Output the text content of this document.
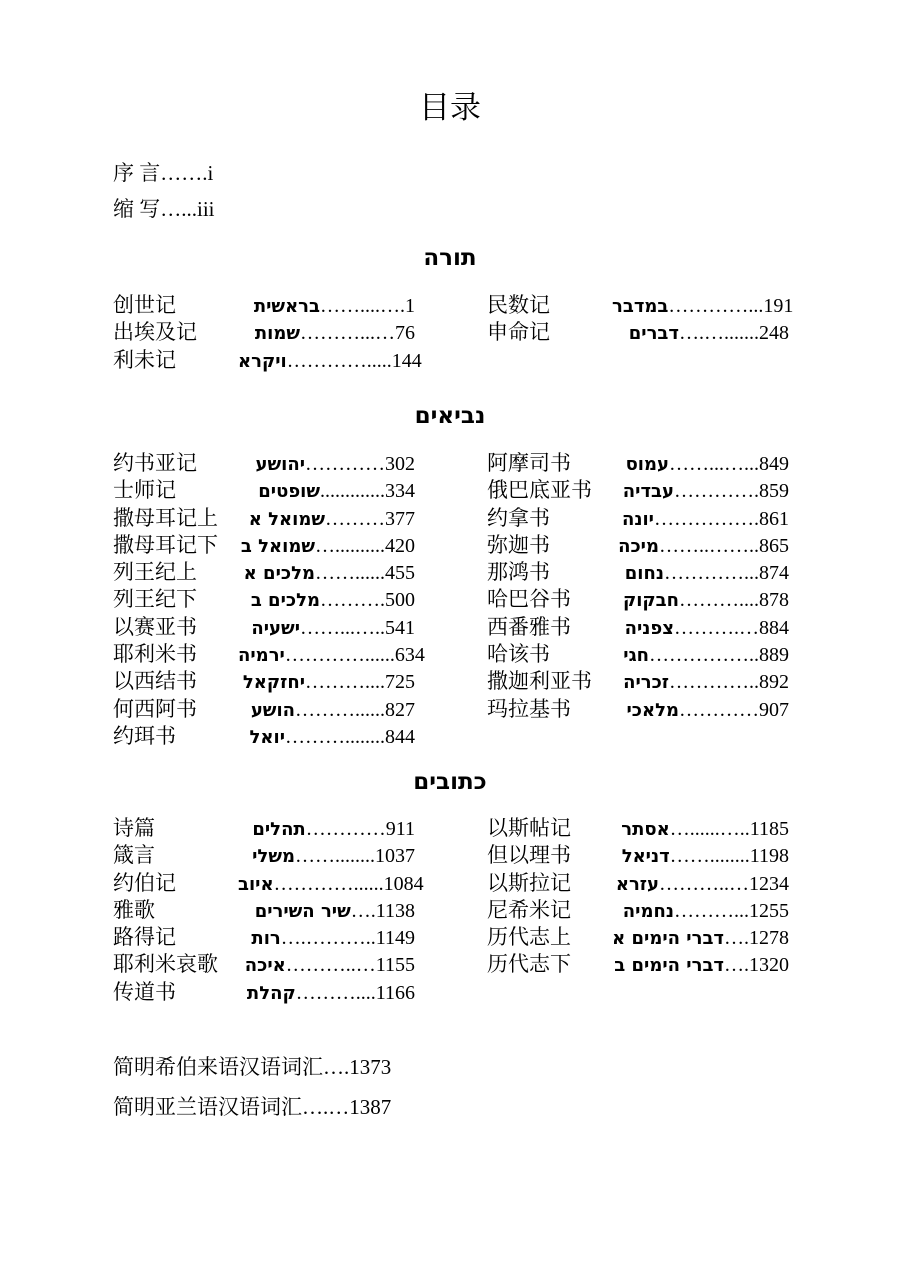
目录
序 言…….i
缩 写…...iii
תורה
创世记	בראשית……....….1
出埃及记	שמות………...…76
利未记	ויקרא………….....144
民数记	במדבר…………...191
申命记	דברים….….......248
נביאים
约书亚记	יהושע…………302
士师记	שופטים.............334
撒母耳记上 שמואל א………377
撒母耳记下 שמואל ב…..........420
列王纪上	מלכים א……......455
列王纪下	מלכים ב……….500
以赛亚书	ישעיה……...…..541
耶利米书 ירמיה…………......634
以西结书	יחזקאל………....725
何西阿书	הושע………......827
约珥书	יואל………........844
阿摩司书	עמוס……...…...849
俄巴底亚书 עבדיה………….859
约拿书	יונה…………….861
弥迦书	מיכה……..……..865
那鸿书	נחום…………...874
哈巴谷书	חבקוק………....878
西番雅书	צפניה……….…884
哈该书	חגי……………..889
撒迦利亚书 זכריה…………..892
玛拉基书	מלאכי…………907
כתובים
诗篇	תהלים…………911
箴言	משלי……........1037
约伯记	איוב…………......1084
雅歌	שיר השירים….1138
路得记	רות….………..1149
耶利米哀歌 איכה………..…1155
传道书	קהלת………....1166
以斯帖记	אסתר…......…..1185
但以理书	דניאל……........1198
以斯拉记 עזרא………..…1234
尼希米记	נחמיה………...1255
历代志上 דברי הימים א….1278
历代志下 דברי הימים ב….1320
简明希伯来语汉语词汇….1373
简明亚兰语汉语词汇….…1387
